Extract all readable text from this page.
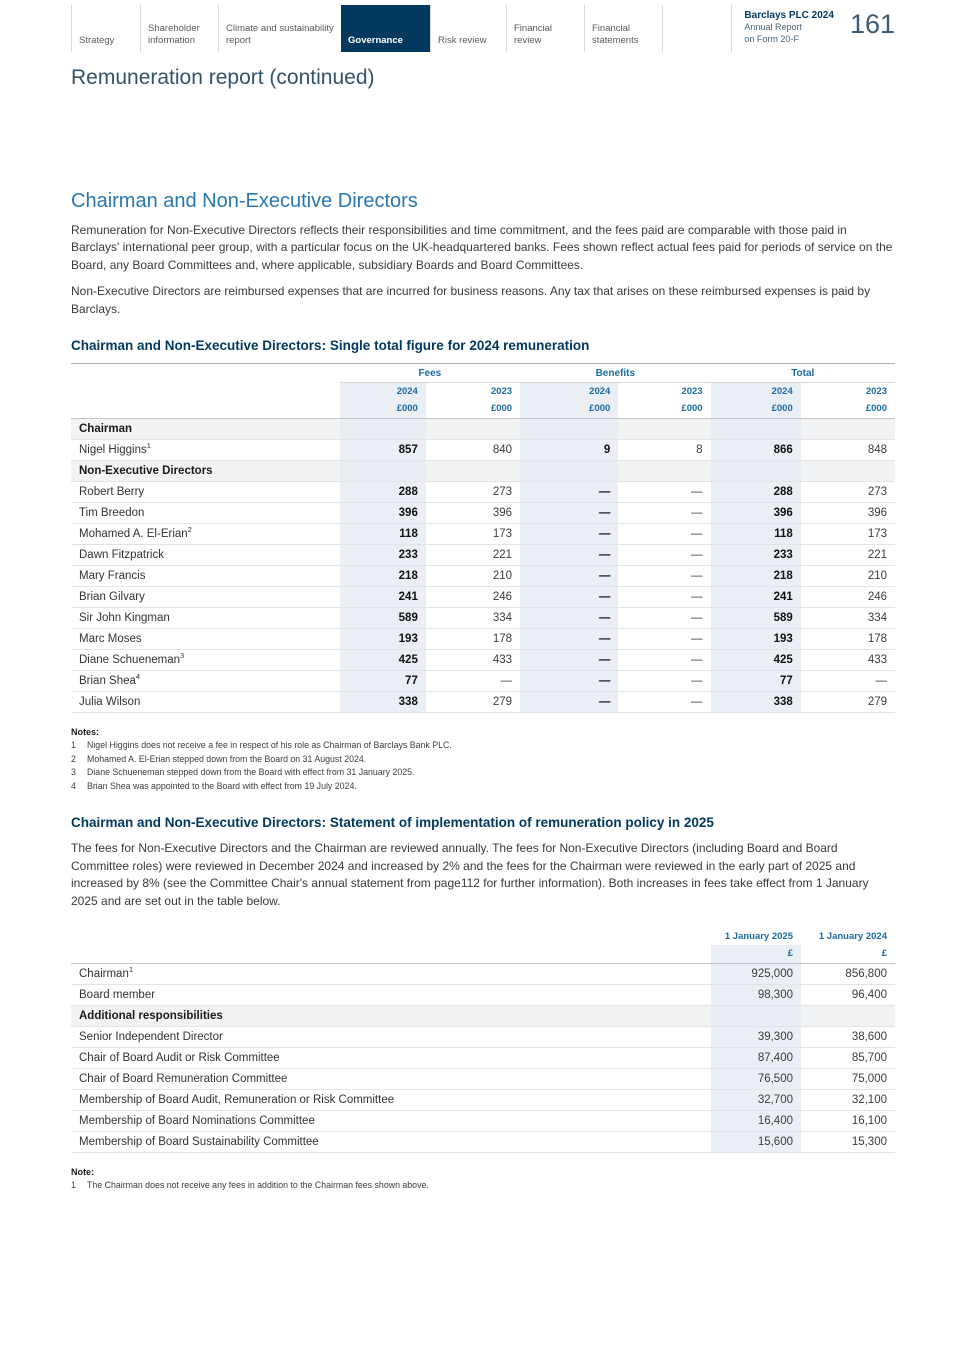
Strategy
Shareholder information
Climate and sustainability report	Governance	Risk review
Financial review
Financial statements
Barclays PLC 2024
Annual Report
on Form 20-F	161
Remuneration report (continued)
Chairman and Non-Executive Directors

Remuneration for Non-Executive Directors reflects their responsibilities and time commitment, and the fees paid are comparable with those paid in Barclays' international peer group, with a particular focus on the UK-headquartered banks. Fees shown reflect actual fees paid for periods of service on the Board, any Board Committees and, where applicable, subsidiary Boards and Board Committees.

Non-Executive Directors are reimbursed expenses that are incurred for business reasons. Any tax that arises on these reimbursed expenses is paid by Barclays.

Chairman and Non-Executive Directors: Single total figure for 2024 remuneration
	Fees		Benefits		Total	
	2024	2023	2024	2023	2024	2023
	£000	£000	£000	£000	£000	£000
Chairman						
Nigel Higgins$^1$	857	840	9	8	866	848
Non-Executive Directors						
Robert Berry	288	273	—	—	288	273
Tim Breedon	396	396	—	—	396	396
Mohamed A. El-Erian$^2$	118	173	—	—	118	173
Dawn Fitzpatrick	233	221	—	—	233	221
Mary Francis	218	210	—	—	218	210
Brian Gilvary	241	246	—	—	241	246
Sir John Kingman	589	334	—	—	589	334
Marc Moses	193	178	—	—	193	178
Diane Schueneman$^3$	425	433	—	—	425	433
Brian Shea$^4$	77	—	—	—	77	—
Julia Wilson	338	279	—	—	338	279
Notes:
1	Nigel Higgins does not receive a fee in respect of his role as Chairman of Barclays Bank PLC.
2	Mohamed A. El-Erian stepped down from the Board on 31 August 2024.
3	Diane Schueneman stepped down from the Board with effect from 31 January 2025.
4	Brian Shea was appointed to the Board with effect from 19 July 2024.
Chairman and Non-Executive Directors: Statement of implementation of remuneration policy in 2025

The fees for Non-Executive Directors and the Chairman are reviewed annually. The fees for Non-Executive Directors (including Board and Board Committee roles) were reviewed in December 2024 and increased by 2% and the fees for the Chairman were reviewed in the early part of 2025 and increased by 8% (see the Committee Chair's annual statement from page112 for further information). Both increases in fees take effect from 1 January 2025 and are set out in the table below.

	1 January 2025	1 January 2024
	£	£
Chairman$^1$	925,000	856,800
Board member	98,300	96,400
Additional responsibilities		
Senior Independent Director	39,300	38,600
Chair of Board Audit or Risk Committee	87,400	85,700
Chair of Board Remuneration Committee	76,500	75,000
Membership of Board Audit, Remuneration or Risk Committee	32,700	32,100
Membership of Board Nominations Committee	16,400	16,100
Membership of Board Sustainability Committee	15,600	15,300
Note:
1	The Chairman does not receive any fees in addition to the Chairman fees shown above.
